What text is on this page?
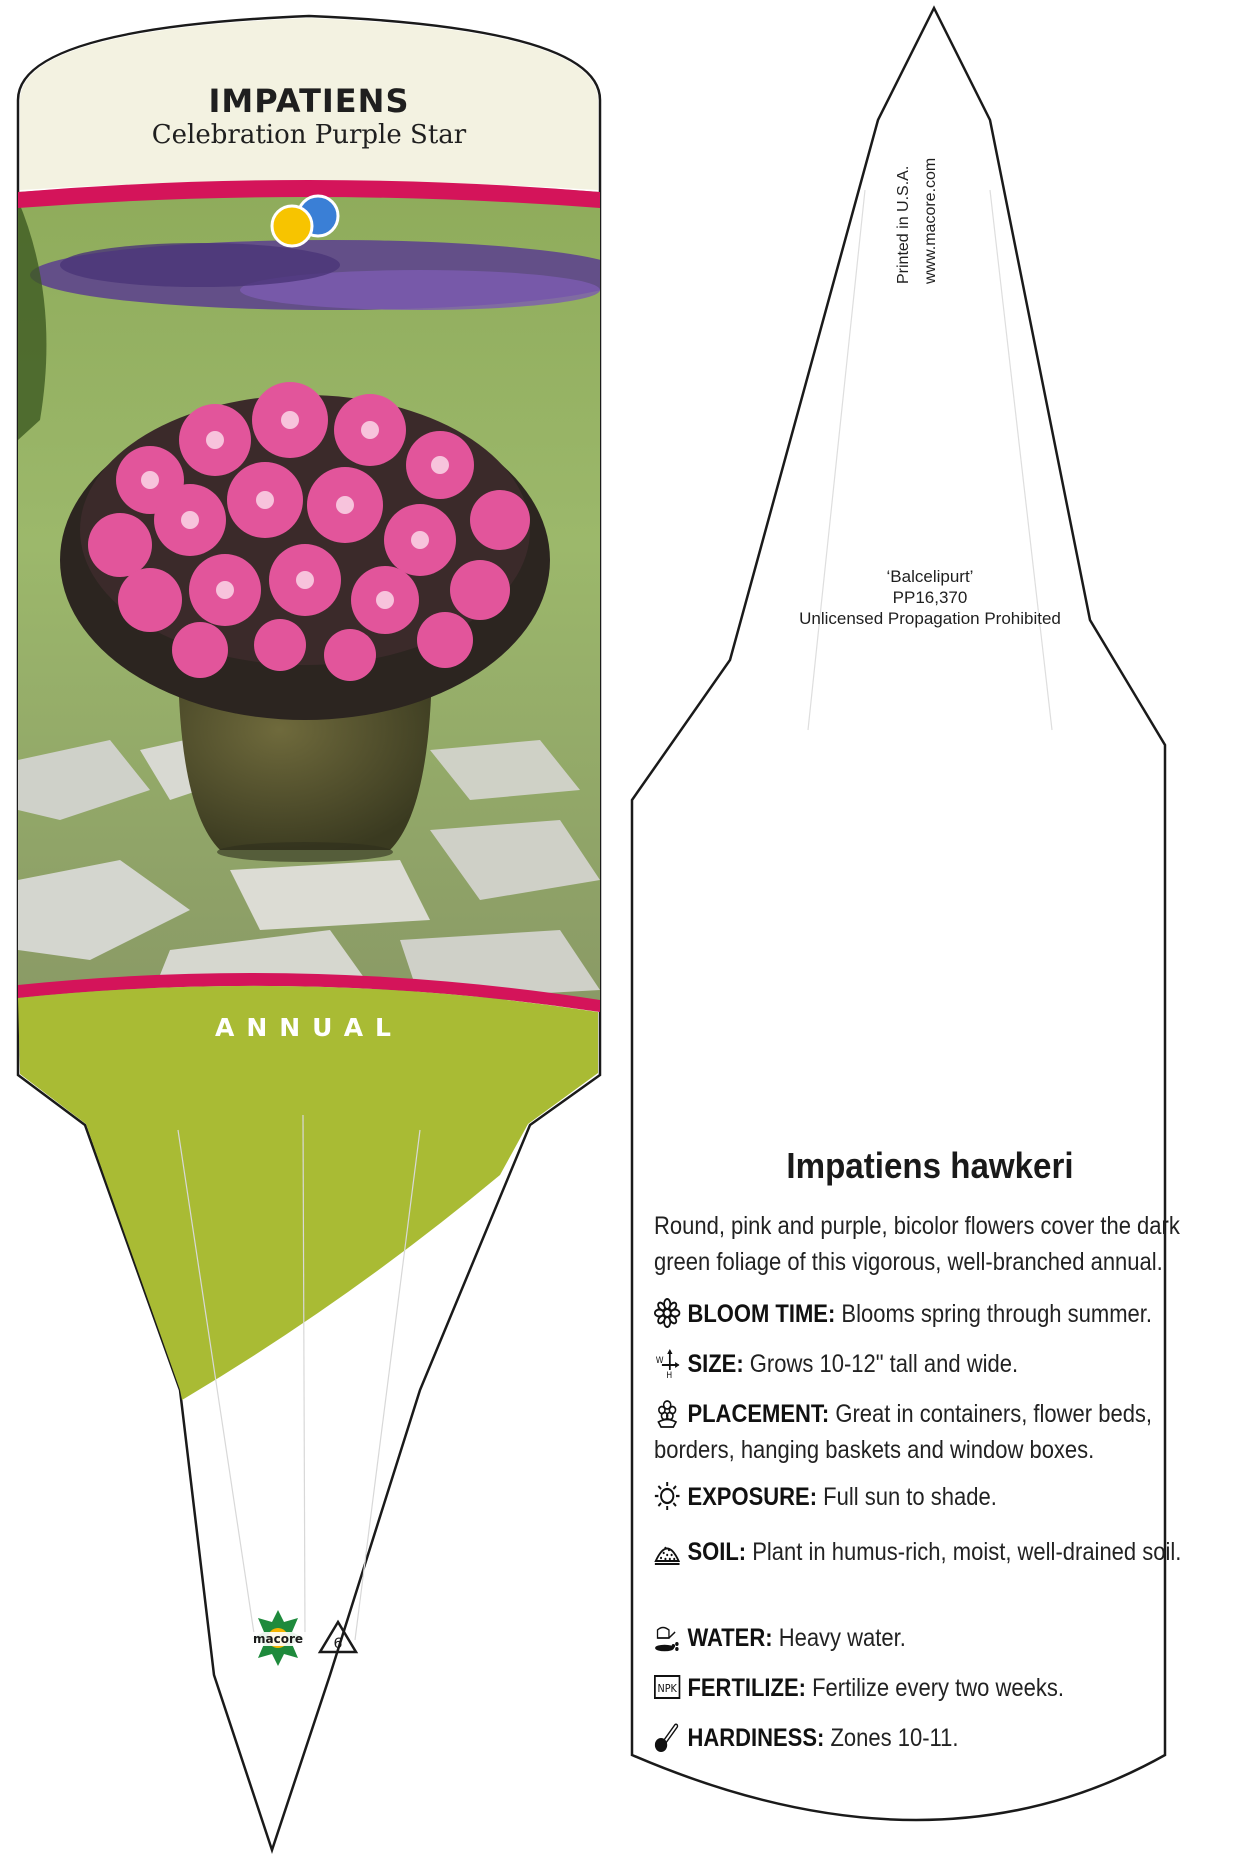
IMPATIENS
Celebration Purple Star
ANNUAL
macore 6
Printed in U.S.A. www.macore.com
‘Balcelipurt’
PP16,370
Unlicensed Propagation Prohibited
Impatiens hawkeri
Round, pink and purple, bicolor flowers cover the dark green foliage of this vigorous, well-branched annual.
BLOOM TIME: Blooms spring through summer.
W
H SIZE: Grows 10-12" tall and wide.
PLACEMENT: Great in containers, flower beds, borders, hanging baskets and window boxes.
EXPOSURE: Full sun to shade.
SOIL: Plant in humus-rich, moist, well-drained soil.
WATER: Heavy water.
NPK FERTILIZE: Fertilize every two weeks.
HARDINESS: Zones 10-11.
